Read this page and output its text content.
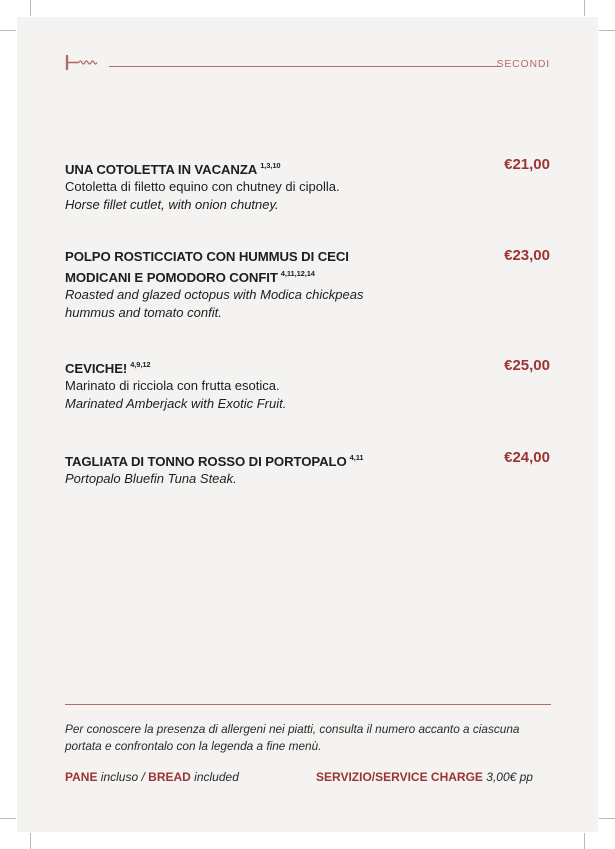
SECONDI
UNA COTOLETTA IN VACANZA $^{1,3,10}$
Cotoletta di filetto equino con chutney di cipolla.
Horse fillet cutlet, with onion chutney.
€21,00
POLPO ROSTICCIATO CON HUMMUS DI CECI
MODICANI E POMODORO CONFIT $^{4,11,12,14}$
Roasted and glazed octopus with Modica chickpeas
hummus and tomato confit.
€23,00
CEVICHE! $^{4,9,12}$
Marinato di ricciola con frutta esotica.
Marinated Amberjack with Exotic Fruit.
€25,00
TAGLIATA DI TONNO ROSSO DI PORTOPALO $^{4,11}$
Portopalo Bluefin Tuna Steak.
€24,00
Per conoscere la presenza di allergeni nei piatti, consulta il numero accanto a ciascuna
portata e confrontalo con la legenda a fine menù.
PANE incluso / BREAD included	SERVIZIO/SERVICE CHARGE 3,00€ pp
